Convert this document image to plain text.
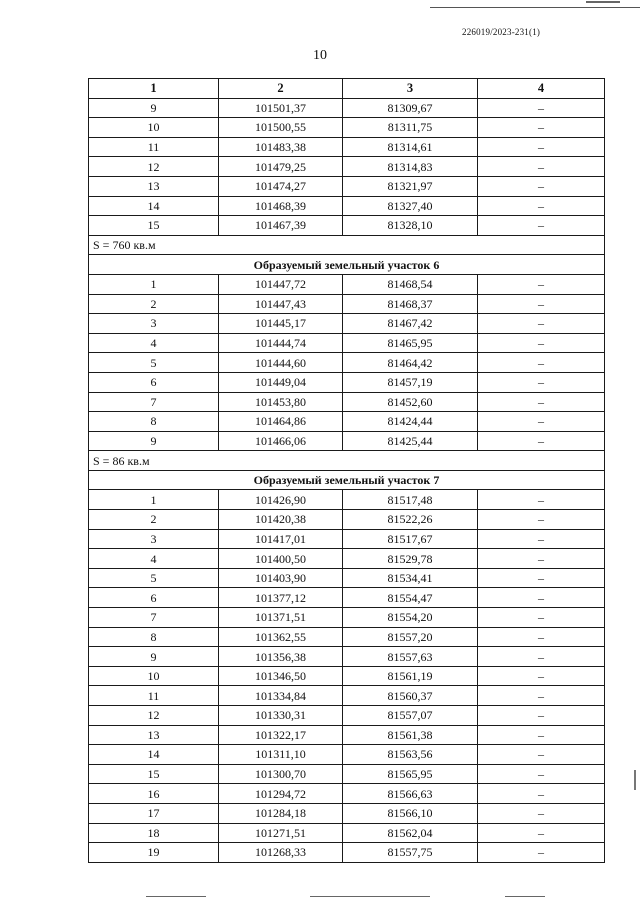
226019/2023-231(1)
10
1	2	3	4
9	101501,37	81309,67	–
10	101500,55	81311,75	–
11	101483,38	81314,61	–
12	101479,25	81314,83	–
13	101474,27	81321,97	–
14	101468,39	81327,40	–
15	101467,39	81328,10	–
S = 760 кв.м			
Образуемый земельный участок 6			
1	101447,72	81468,54	–
2	101447,43	81468,37	–
3	101445,17	81467,42	–
4	101444,74	81465,95	–
5	101444,60	81464,42	–
6	101449,04	81457,19	–
7	101453,80	81452,60	–
8	101464,86	81424,44	–
9	101466,06	81425,44	–
S = 86 кв.м			
Образуемый земельный участок 7			
1	101426,90	81517,48	–
2	101420,38	81522,26	–
3	101417,01	81517,67	–
4	101400,50	81529,78	–
5	101403,90	81534,41	–
6	101377,12	81554,47	–
7	101371,51	81554,20	–
8	101362,55	81557,20	–
9	101356,38	81557,63	–
10	101346,50	81561,19	–
11	101334,84	81560,37	–
12	101330,31	81557,07	–
13	101322,17	81561,38	–
14	101311,10	81563,56	–
15	101300,70	81565,95	–
16	101294,72	81566,63	–
17	101284,18	81566,10	–
18	101271,51	81562,04	–
19	101268,33	81557,75	–
